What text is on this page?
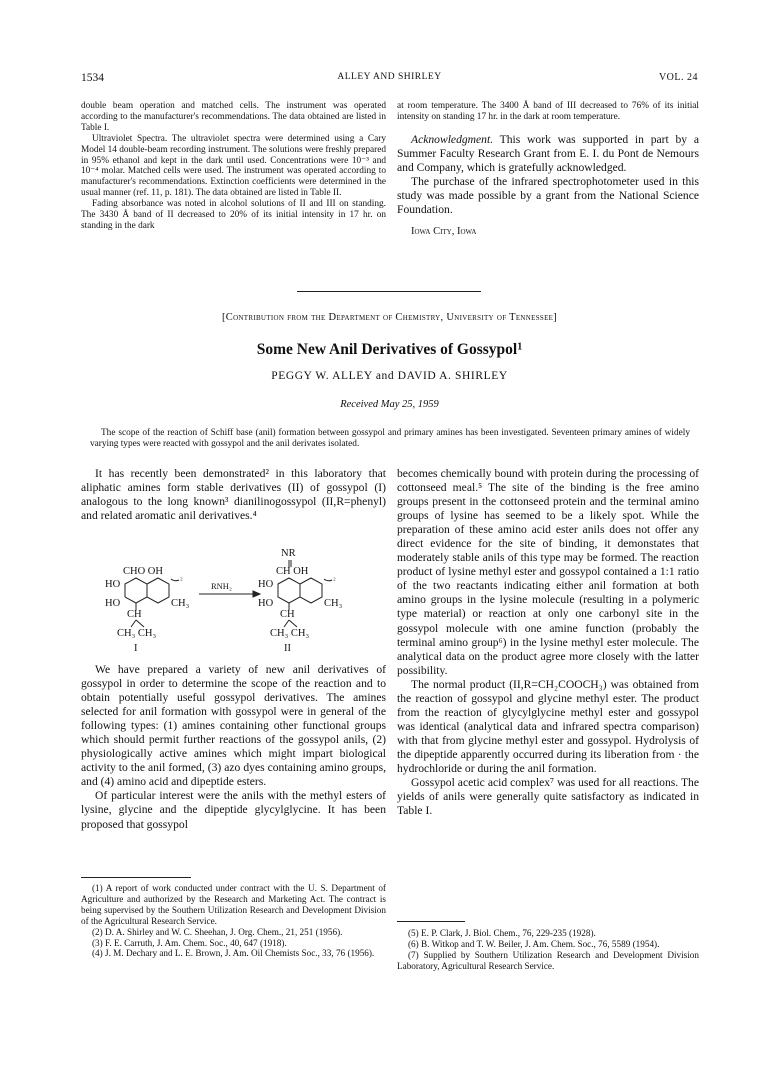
1534	ALLEY AND SHIRLEY	VOL. 24

double beam operation and matched cells. The instrument was operated according to the manufacturer's recommendations. The data obtained are listed in Table I.

Ultraviolet Spectra. The ultraviolet spectra were determined using a Cary Model 14 double-beam recording instrument. The solutions were freshly prepared in 95% ethanol and kept in the dark until used. Concentrations were 10⁻³ and 10⁻⁴ molar. Matched cells were used. The instrument was operated according to manufacturer's recommendations. Extinction coefficients were determined in the usual manner (ref. 11, p. 181). The data obtained are listed in Table II.

Fading absorbance was noted in alcohol solutions of II and III on standing. The 3430 Å band of II decreased to 20% of its initial intensity in 17 hr. on standing in the dark

at room temperature. The 3400 Å band of III decreased to 76% of its initial intensity on standing 17 hr. in the dark at room temperature.

Acknowledgment. This work was supported in part by a Summer Faculty Research Grant from E. I. du Pont de Nemours and Company, which is gratefully acknowledged.

The purchase of the infrared spectrophotometer used in this study was made possible by a grant from the National Science Foundation.

Iowa City, Iowa

[Contribution from the Department of Chemistry, University of Tennessee]
Some New Anil Derivatives of Gossypol$^1$
PEGGY W. ALLEY and DAVID A. SHIRLEY
Received May 25, 1959
The scope of the reaction of Schiff base (anil) formation between gossypol and primary amines has been investigated. Seventeen primary amines of widely varying types were reacted with gossypol and the anil derivates isolated.

It has recently been demonstrated² in this laboratory that aliphatic amines form stable derivatives (II) of gossypol (I) analogous to the long known³ dianilinogossypol (II,R=phenyl) and related aromatic anil derivatives.⁴

CHO OH ₂
HO
HO	CH₃
CH
CH₃ CH₃
I
RNH₂
NR
CH OH	₂
HO
HO	CH₃
CH
CH₃ CH₃
II

We have prepared a variety of new anil derivatives of gossypol in order to determine the scope of the reaction and to obtain potentially useful gossypol derivatives. The amines selected for anil formation with gossypol were in general of the following types: (1) amines containing other functional groups which should permit further reactions of the gossypol anils, (2) physiologically active amines which might impart biological activity to the anil formed, (3) azo dyes containing amino groups, and (4) amino acid and dipeptide esters.

Of particular interest were the anils with the methyl esters of lysine, glycine and the dipeptide glycylglycine. It has been proposed that gossypol

becomes chemically bound with protein during the processing of cottonseed meal.⁵ The site of the binding is the free amino groups present in the cottonseed protein and the terminal amino groups of lysine has seemed to be a likely spot. While the preparation of these amino acid ester anils does not offer any direct evidence for the site of binding, it demonstates that moderately stable anils of this type may be formed. The reaction product of lysine methyl ester and gossypol contained a 1:1 ratio of the two reactants indicating either anil formation at both amino groups in the lysine molecule (resulting in a polymeric type material) or reaction at only one carbonyl site in the gossypol molecule with one amine function (probably the terminal amino group⁶) in the lysine methyl ester molecule. The analytical data on the product agree more closely with the latter possibility.

The normal product (II,R=CH₂COOCH₃) was obtained from the reaction of gossypol and glycine methyl ester. The product from the reaction of glycylglycine methyl ester and gossypol was identical (analytical data and infrared spectra comparison) with that from glycine methyl ester and gossypol. Hydrolysis of the dipeptide apparently occurred during its liberation from · the hydrochloride or during the anil formation.

Gossypol acetic acid complex⁷ was used for all reactions. The yields of anils were generally quite satisfactory as indicated in Table I.

(1) A report of work conducted under contract with the U. S. Department of Agriculture and authorized by the Research and Marketing Act. The contract is being supervised by the Southern Utilization Research and Development Division of the Agricultural Research Service.

(2) D. A. Shirley and W. C. Sheehan, J. Org. Chem., 21, 251 (1956).

(3) F. E. Carruth, J. Am. Chem. Soc., 40, 647 (1918).

(4) J. M. Dechary and L. E. Brown, J. Am. Oil Chemists Soc., 33, 76 (1956).

(5) E. P. Clark, J. Biol. Chem., 76, 229-235 (1928).

(6) B. Witkop and T. W. Beiler, J. Am. Chem. Soc., 76, 5589 (1954).

(7) Supplied by Southern Utilization Research and Development Division Laboratory, Agricultural Research Service.
